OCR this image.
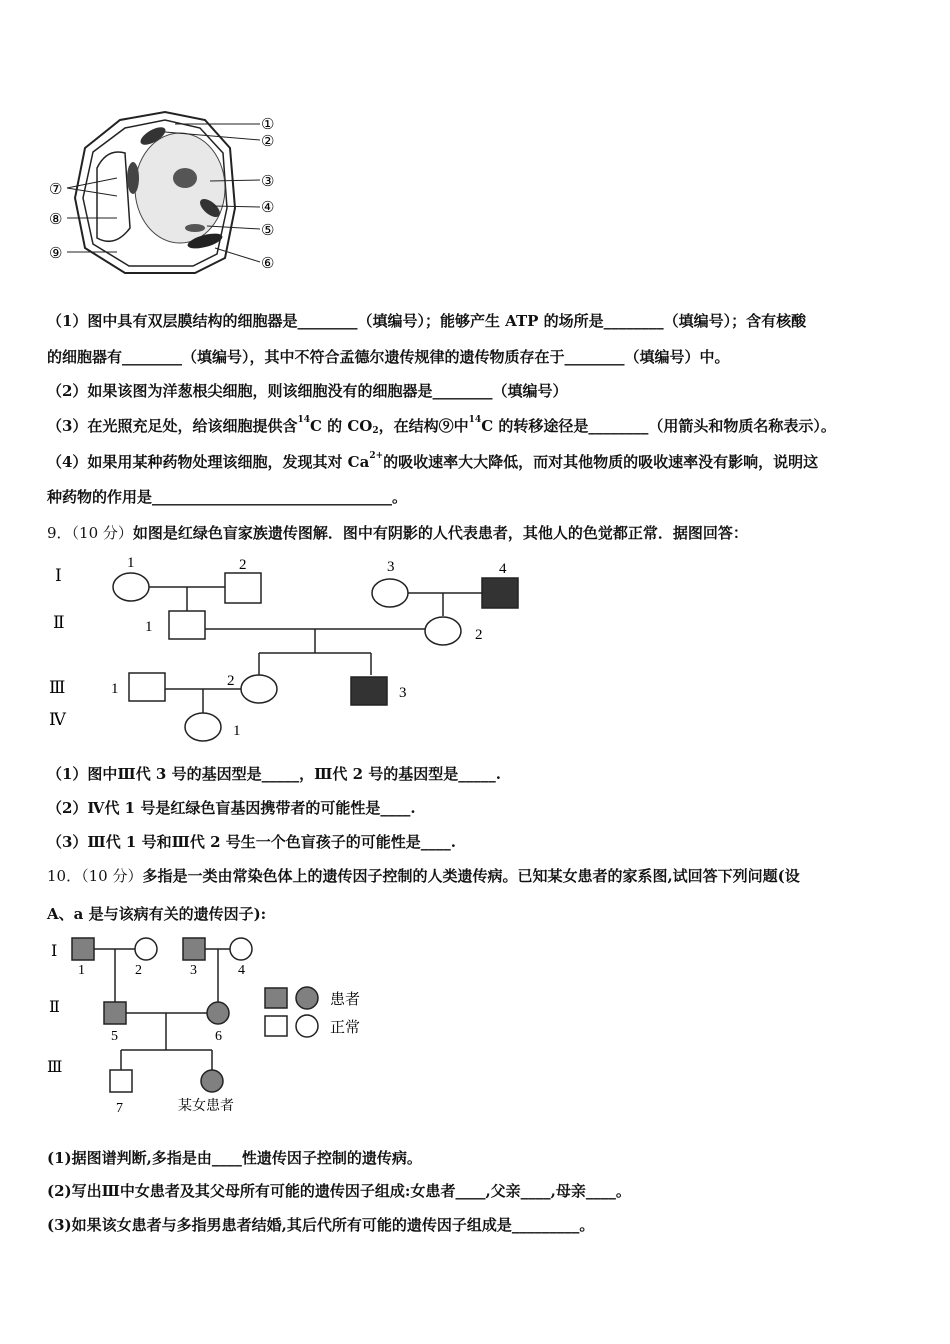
①
②
③
④
⑤
⑥
⑦
⑧
⑨
（1）图中具有双层膜结构的细胞器是________（填编号）；能够产生 ATP 的场所是________（填编号）；含有核酸
的细胞器有________（填编号），其中不符合孟德尔遗传规律的遗传物质存在于________（填编号）中。
（2）如果该图为洋葱根尖细胞，则该细胞没有的细胞器是________（填编号）
（3）在光照充足处，给该细胞提供含$^{14}$C 的 CO2，在结构⑨中$^{14}$C 的转移途径是________（用箭头和物质名称表示）。
（4）如果用某种药物处理该细胞，发现其对 $Ca^{2+}$的吸收速率大大降低，而对其他物质的吸收速率没有影响，说明这
种药物的作用是________________________________。
9．（10 分）如图是红绿色盲家族遗传图解．图中有阴影的人代表患者，其他人的色觉都正常．据图回答：
Ⅰ
Ⅱ
Ⅲ
Ⅳ
1	2	3	4
1	2
1	2
3
1
（1）图中Ⅲ代 3 号的基因型是_____，Ⅲ代 2 号的基因型是_____.
（2）Ⅳ代 1 号是红绿色盲基因携带者的可能性是____.
（3）Ⅲ代 1 号和Ⅲ代 2 号生一个色盲孩子的可能性是____.
10．（10 分）多指是一类由常染色体上的遗传因子控制的人类遗传病。已知某女患者的家系图,试回答下列问题(设
A、a 是与该病有关的遗传因子):
Ⅰ
Ⅱ
Ⅲ
1	2	3	4
5	6
7	某女患者
患者
正常
(1)据图谱判断,多指是由____性遗传因子控制的遗传病。
(2)写出Ⅲ中女患者及其父母所有可能的遗传因子组成:女患者____,父亲____,母亲____。
(3)如果该女患者与多指男患者结婚,其后代所有可能的遗传因子组成是_________。
